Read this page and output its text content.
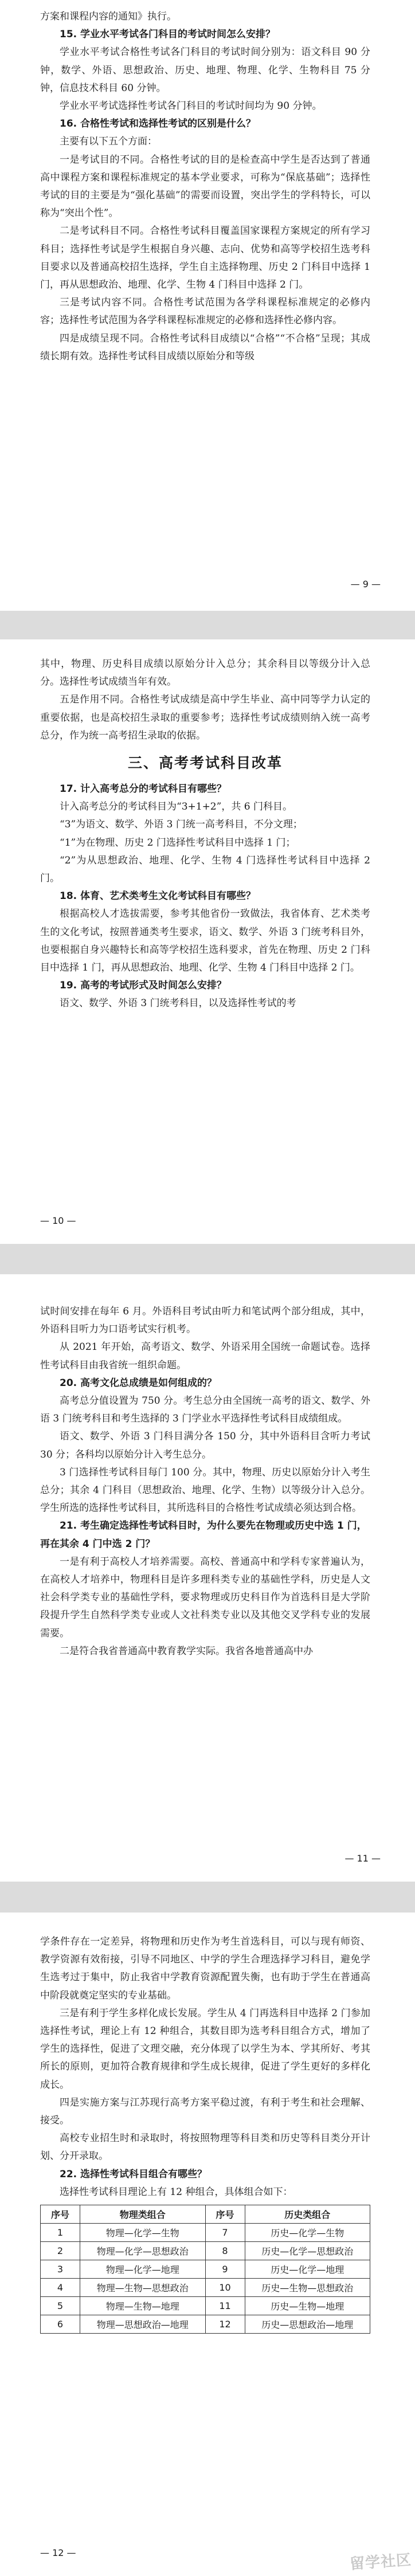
方案和课程内容的通知》执行。

15. 学业水平考试各门科目的考试时间怎么安排？

学业水平考试合格性考试各门科目的考试时间分别为：语文科目 90 分钟，数学、外语、思想政治、历史、地理、物理、化学、生物科目 75 分钟，信息技术科目 60 分钟。

学业水平考试选择性考试各门科目的考试时间均为 90 分钟。

16. 合格性考试和选择性考试的区别是什么？

主要有以下五个方面：

一是考试目的不同。合格性考试的目的是检查高中学生是否达到了普通高中课程方案和课程标准规定的基本学业要求，可称为“保底基础”；选择性考试的目的主要是为“强化基础”的需要而设置，突出学生的学科特长，可以称为“突出个性”。

二是考试科目不同。合格性考试科目覆盖国家课程方案规定的所有学习科目；选择性考试是学生根据自身兴趣、志向、优势和高等学校招生选考科目要求以及普通高校招生选择，学生自主选择物理、历史 2 门科目中选择 1 门，再从思想政治、地理、化学、生物 4 门科目中选择 2 门。

三是考试内容不同。合格性考试范围为各学科课程标准规定的必修内容；选择性考试范围为各学科课程标准规定的必修和选择性必修内容。

四是成绩呈现不同。合格性考试科目成绩以“合格”“不合格”呈现；其成绩长期有效。选择性考试科目成绩以原始分和等级

— 9 —

其中，物理、历史科目成绩以原始分计入总分；其余科目以等级分计入总分。选择性考试成绩当年有效。

五是作用不同。合格性考试成绩是高中学生毕业、高中同等学力认定的重要依据，也是高校招生录取的重要参考；选择性考试成绩则纳入统一高考总分，作为统一高考招生录取的依据。

三、高考考试科目改革

17. 计入高考总分的考试科目有哪些？

计入高考总分的考试科目为“3+1+2”，共 6 门科目。

“3”为语文、数学、外语 3 门统一高考科目，不分文理；

“1”为在物理、历史 2 门选择性考试科目中选择 1 门；

“2”为从思想政治、地理、化学、生物 4 门选择性考试科目中选择 2 门。

18. 体育、艺术类考生文化考试科目有哪些？

根据高校人才选拔需要，参考其他省份一致做法，我省体育、艺术类考生的文化考试，按照普通类考生要求，语文、数学、外语 3 门统考科目外，也要根据自身兴趣特长和高等学校招生选科要求，首先在物理、历史 2 门科目中选择 1 门，再从思想政治、地理、化学、生物 4 门科目中选择 2 门。

19. 高考的考试形式及时间怎么安排？

语文、数学、外语 3 门统考科目，以及选择性考试的考

— 10 —

试时间安排在每年 6 月。外语科目考试由听力和笔试两个部分组成，其中，外语科目听力为口语考试实行机考。

从 2021 年开始，高考语文、数学、外语采用全国统一命题试卷。选择性考试科目由我省统一组织命题。

20. 高考文化总成绩是如何组成的？

高考总分值设置为 750 分。考生总分由全国统一高考的语文、数学、外语 3 门统考科目和考生选择的 3 门学业水平选择性考试科目成绩组成。

语文、数学、外语 3 门科目满分各 150 分，其中外语科目含听力考试 30 分；各科均以原始分计入考生总分。

3 门选择性考试科目每门 100 分。其中，物理、历史以原始分计入考生总分；其余 4 门科目（思想政治、地理、化学、生物）以等级分计入总分。学生所选的选择性考试科目，其所选科目的合格性考试成绩必须达到合格。

21. 考生确定选择性考试科目时，为什么要先在物理或历史中选 1 门，再在其余 4 门中选 2 门？

一是有利于高校人才培养需要。高校、普通高中和学科专家普遍认为，在高校人才培养中，物理科目是许多理科类专业的基础性学科，历史是人文社会科学类专业的基础性学科，要求物理或历史科目作为首选科目是大学阶段提升学生自然科学类专业或人文社科类专业以及其他交叉学科专业的发展需要。

二是符合我省普通高中教育教学实际。我省各地普通高中办

— 11 —

学条件存在一定差异，将物理和历史作为考生首选科目，可以与现有师资、教学资源有效衔接，引导不同地区、中学的学生合理选择学习科目，避免学生选考过于集中，防止我省中学教育资源配置失衡，也有助于学生在普通高中阶段就奠定坚实的专业基础。

三是有利于学生多样化成长发展。学生从 4 门再选科目中选择 2 门参加选择性考试，理论上有 12 种组合，其数目即为选考科目组合方式，增加了学生的选择性，促进了文理交融，充分体现了以学生为本、学其所好、考其所长的原则，更加符合教育规律和学生成长规律，促进了学生更好的多样化成长。

四是实施方案与江苏现行高考方案平稳过渡，有利于考生和社会理解、接受。

高校专业招生时和录取时，将按照物理等科目类和历史等科目类分开计划、分开录取。

22. 选择性考试科目组合有哪些？

选择性考试科目理论上有 12 种组合，具体组合如下：

序号	物理类组合	序号	历史类组合
1	物理—化学—生物	7	历史—化学—生物
2	物理—化学—思想政治	8	历史—化学—思想政治
3	物理—化学—地理	9	历史—化学—地理
4	物理—生物—思想政治	10	历史—生物—思想政治
5	物理—生物—地理	11	历史—生物—地理
6	物理—思想政治—地理	12	历史—思想政治—地理
— 12 —	留学社区
